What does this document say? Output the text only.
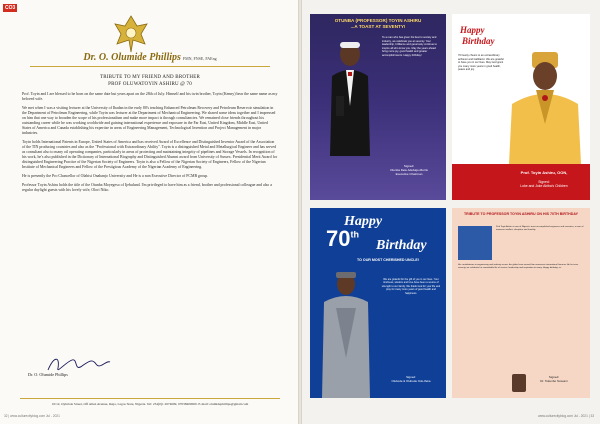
CO3
Dr. O. Olumide Phillips FMN, FNSE, FAEng
TRIBUTE TO MY FRIEND AND BROTHER
PROF OLUWATOYIN ASHIRU @ 70

Prof. Toyin and I are blessed to be born on the same date but years apart on the 28th of July. Himself and his twin brother, Toyin (Kenny) bear the same name as my beloved wife.

We met when I was a visiting lecturer at the University of Ibadan in the early 80's teaching Enhanced Petroleum Recovery and Petroleum Reservoir simulation in the Department of Petroleum Engineering, while Toyin was lecturer at the Department of Mechanical Engineering. We shared some ideas together and I impressed on him that one way to broaden the scope of his professionalism and make more impact is through consultancies. We remained close friends throughout his outstanding career while he was working worldwide and gaining international experience and exposure in the Far East, United Kingdom, Middle East, United States of America and Canada establishing his expertise in areas of Engineering Management, Technological Invention and Project Management in major industries.

Toyin holds International Patents in Europe, United States of America and has received Award of Excellence and Distinguished Inventor Award of the Association of the TIN producing countries and also as the "Professional with Extraordinary Ability". Toyin is a distinguished Metal and Metallurgical Engineer and has served as consultant also to many oil operating companies, particularly in areas of protecting and maintaining integrity of pipelines and Storage Vessels. In recognition of his work, he's also published in the Dictionary of International Biography and Distinguished Alumni award from University of Sussex. Presidential Merit Award for distinguished Engineering Practice of the Nigerian Society of Engineers. Toyin is also a Fellow of the Nigerian Society of Engineers, Fellow of the Nigerian Institute of Mechanical Engineers and Fellow of the Prestigious Academy of the Nigerian Academy of Engineering.

He is presently the Pro Chancellor of Olabisi Onabanjo University and He is a non Executive Director of FCMB group.

Professor Toyin Ashiru holds the title of the Otunba Moyegeso of Ijebuland. I'm privileged to have him as a friend, brother and professional colleague and also a regular daylight guests with his lovely wife, Olori Niko.

Dr. O. Olumide Phillips
10/12, Oyinlola Street, Off Allen Avenue, Ikeja, Lagos State, Nigeria. Tel: 234(0)1 2674609, 07038400000. E-mail: olumidephillips@gmail.com
32 | www.culturecityblog.com Jul - 2021
OTUNBA (PROFESSOR) TOYIN ASHIRU
...A TOAST AT SEVENTY!
To a man who has given his best to society and industry, we celebrate you at seventy. Your leadership, brilliance and generosity continue to inspire all who know you. May the years ahead bring more joy, good health and greater accomplishments. Happy birthday!
Signed:
Otunba Dele Adebajo-Morris
Executive Chairman
Happy
Birthday
70 hearty cheers to an extraordinary achiever and trailblazer. We are grateful to have you in our lives. May God grant you many more years in good health, peace and joy.
Prof. Toyin Ashiru, OON,
Signed:
Loke and Joke Abiba's Children
Happy
70th
Birthday
TO OUR MOST CHERISHED UNCLE!
We are grateful for the gift of you in our lives. Your kindness, wisdom and love have been a source of strength to our family. We thank God for your life and pray for many more years of good health and happiness.
Signed:
Olubode & Olubode Odo-Ifeka
TRIBUTE TO PROFESSOR TOYIN ASHIRU ON HIS 70TH BIRTHDAY
Prof Toyin Ashiru is one of Nigeria's most accomplished engineers and inventors, a man of immense intellect, discipline and humility.
His contributions to engineering and industry across the globe have earned him numerous international honours. As he turns seventy, we celebrate his remarkable life of service, leadership and inspiration to many. Happy birthday, sir.
Signed:
Dr. Tokunbo Sowumi
www.culturecityblog.com Jul - 2021 | 33
